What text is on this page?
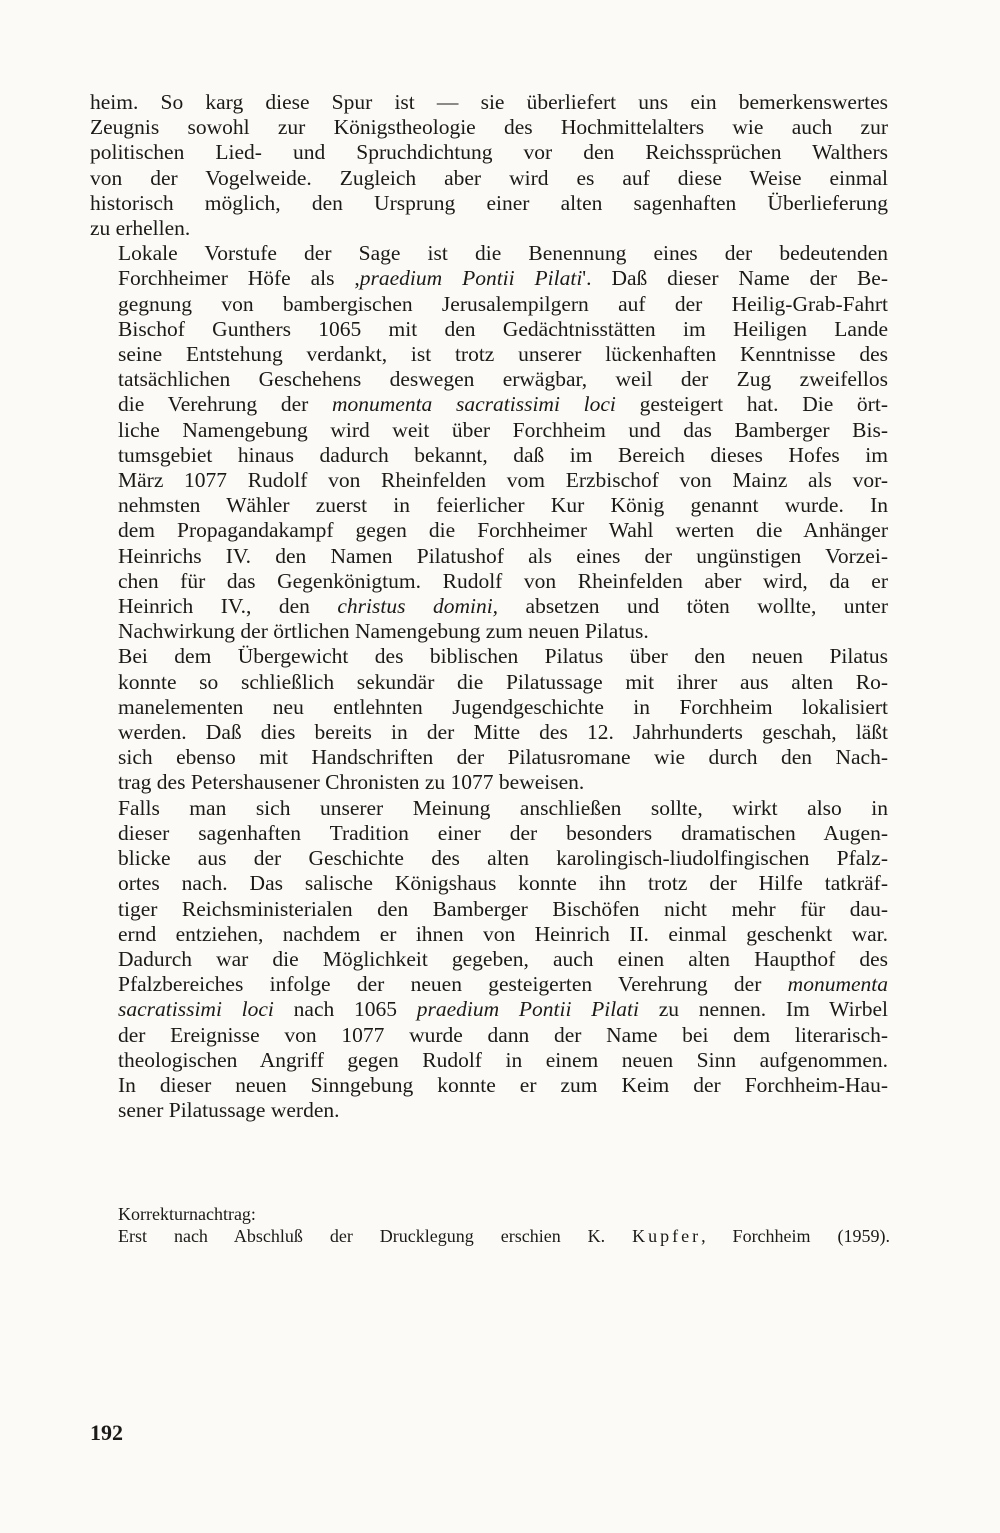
heim. So karg diese Spur ist — sie überliefert uns ein bemerkenswertes
Zeugnis sowohl zur Königstheologie des Hochmittelalters wie auch zur
politischen Lied- und Spruchdichtung vor den Reichssprüchen Walthers
von der Vogelweide. Zugleich aber wird es auf diese Weise einmal
historisch möglich, den Ursprung einer alten sagenhaften Überlieferung
zu erhellen.

Lokale Vorstufe der Sage ist die Benennung eines der bedeutenden
Forchheimer Höfe als ,praedium Pontii Pilati'. Daß dieser Name der Be-
gegnung von bambergischen Jerusalempilgern auf der Heilig-Grab-Fahrt
Bischof Gunthers 1065 mit den Gedächtnisstätten im Heiligen Lande
seine Entstehung verdankt, ist trotz unserer lückenhaften Kenntnisse des
tatsächlichen Geschehens deswegen erwägbar, weil der Zug zweifellos
die Verehrung der monumenta sacratissimi loci gesteigert hat. Die ört-
liche Namengebung wird weit über Forchheim und das Bamberger Bis-
tumsgebiet hinaus dadurch bekannt, daß im Bereich dieses Hofes im
März 1077 Rudolf von Rheinfelden vom Erzbischof von Mainz als vor-
nehmsten Wähler zuerst in feierlicher Kur König genannt wurde. In
dem Propagandakampf gegen die Forchheimer Wahl werten die Anhänger
Heinrichs IV. den Namen Pilatushof als eines der ungünstigen Vorzei-
chen für das Gegenkönigtum. Rudolf von Rheinfelden aber wird, da er
Heinrich IV., den christus domini, absetzen und töten wollte, unter
Nachwirkung der örtlichen Namengebung zum neuen Pilatus.

Bei dem Übergewicht des biblischen Pilatus über den neuen Pilatus
konnte so schließlich sekundär die Pilatussage mit ihrer aus alten Ro-
manelementen neu entlehnten Jugendgeschichte in Forchheim lokalisiert
werden. Daß dies bereits in der Mitte des 12. Jahrhunderts geschah, läßt
sich ebenso mit Handschriften der Pilatusromane wie durch den Nach-
trag des Petershausener Chronisten zu 1077 beweisen.

Falls man sich unserer Meinung anschließen sollte, wirkt also in
dieser sagenhaften Tradition einer der besonders dramatischen Augen-
blicke aus der Geschichte des alten karolingisch-liudolfingischen Pfalz-
ortes nach. Das salische Königshaus konnte ihn trotz der Hilfe tatkräf-
tiger Reichsministerialen den Bamberger Bischöfen nicht mehr für dau-
ernd entziehen, nachdem er ihnen von Heinrich II. einmal geschenkt war.
Dadurch war die Möglichkeit gegeben, auch einen alten Haupthof des
Pfalzbereiches infolge der neuen gesteigerten Verehrung der monumenta
sacratissimi loci nach 1065 praedium Pontii Pilati zu nennen. Im Wirbel
der Ereignisse von 1077 wurde dann der Name bei dem literarisch-
theologischen Angriff gegen Rudolf in einem neuen Sinn aufgenommen.
In dieser neuen Sinngebung konnte er zum Keim der Forchheim-Hau-
sener Pilatussage werden.

Korrekturnachtrag:
Erst nach Abschluß der Drucklegung erschien K. Kupfer, Forchheim (1959).
192
